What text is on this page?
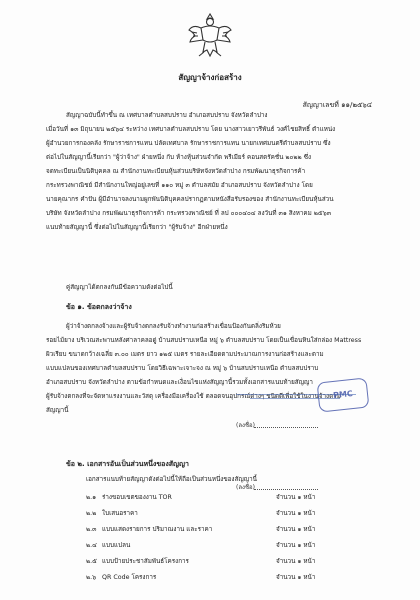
สัญญาจ้างก่อสร้าง
สัญญาเลขที่ ๑๑/๒๕๖๔
สัญญาฉบับนี้ทำขึ้น ณ เทศบาลตำบลสบปราบ อำเภอสบปราบ จังหวัดลำปาง
เมื่อวันที่ ๑๓ มิถุนายน ๒๕๖๔ ระหว่าง เทศบาลตำบลสบปราบ โดย นางสาวเยาวรีพันธ์ วงศ์ไชยสิทธิ์ ตำแหน่ง
ผู้อำนวยการกองคลัง รักษาราชการแทน ปลัดเทศบาล รักษาราชการแทน นายกเทศมนตรีตำบลสบปราบ ซึ่ง
ต่อไปในสัญญานี้เรียกว่า "ผู้ว่าจ้าง" ฝ่ายหนึ่ง กับ ห้างหุ้นส่วนจำกัด พรีเมียร์ คอนสตรัคชั่น ๒๐๒๒ ซึ่ง
จดทะเบียนเป็นนิติบุคคล ณ สำนักงานทะเบียนหุ้นส่วนบริษัทจังหวัดลำปาง กรมพัฒนาธุรกิจการค้า
กระทรวงพาณิชย์ มีสำนักงานใหญ่อยู่เลขที่ ๑๑๐ หมู่ ๓ ตำบลสมัย อำเภอสบปราบ จังหวัดลำปาง โดย
นายคุณากร คำปัน ผู้มีอำนาจลงนามผูกพันนิติบุคคลปรากฏตามหนังสือรับรองของ สำนักงานทะเบียนหุ้นส่วน
บริษัท จังหวัดลำปาง กรมพัฒนาธุรกิจการค้า กระทรวงพาณิชย์ ที่ ลป ๐๐๐๔๐๔ ลงวันที่ ๓๑ สิงหาคม ๒๕๖๓
แนบท้ายสัญญานี้ ซึ่งต่อไปในสัญญานี้เรียกว่า "ผู้รับจ้าง" อีกฝ่ายหนึ่ง
คู่สัญญาได้ตกลงกันมีข้อความดังต่อไปนี้
ข้อ ๑. ข้อตกลงว่าจ้าง
ผู้ว่าจ้างตกลงจ้างและผู้รับจ้างตกลงรับจ้างทำงานก่อสร้างเขื่อนป้องกันตลิ่งริมห้วย
รอยไม้ยาง บริเวณสะพานหลังศาลาคลอดูู่ บ้านสบปราบเหนือ หมู่ ๖ ตำบลสบปราบ โดยเป็นเขื่อนหินใส่กล่อง Mattress
ผิวเรียบ ขนาดกว้างเฉลี่ย ๓.๐๐ เมตร ยาว ๑๒๕ เมตร รายละเอียดตามประมาณการงานก่อสร้างและตาม
แบบแปลนของเทศบาลตำบลสบปราบ โดยวิธีเฉพาะเจาะจง ณ หมู่ ๖ บ้านสบปราบเหนือ ตำบลสบปราบ
อำเภอสบปราบ จังหวัดลำปาง ตามข้อกำหนดและเงื่อนไขแห่งสัญญานี้รวมทั้งเอกสารแนบท้ายสัญญา
ผู้รับจ้างตกลงที่จะจัดหาแรงงานและวัสดุ เครื่องมือเครื่องใช้ ตลอดจนอุปกรณ์ต่างๆ ชนิดดีเพื่อใช้ในงานจ้างตาม
สัญญานี้
PMC
(ลงชื่อ)
(ลงชื่อ)
ข้อ ๒. เอกสารอันเป็นส่วนหนึ่งของสัญญา
เอกสารแนบท้ายสัญญาดังต่อไปนี้ให้ถือเป็นส่วนหนึ่งของสัญญานี้
๒.๑ ร่างขอบเขตของงาน TOR	จำนวน ๑ หน้า
๒.๒ ใบเสนอราคา	จำนวน ๑ หน้า
๒.๓ แบบแสดงรายการ ปริมาณงาน และราคา	จำนวน ๑ หน้า
๒.๔ แบบแปลน	จำนวน ๑ หน้า
๒.๕ แบบป้ายประชาสัมพันธ์โครงการ	จำนวน ๑ หน้า
๒.๖ QR Code โครงการ	จำนวน ๑ หน้า
